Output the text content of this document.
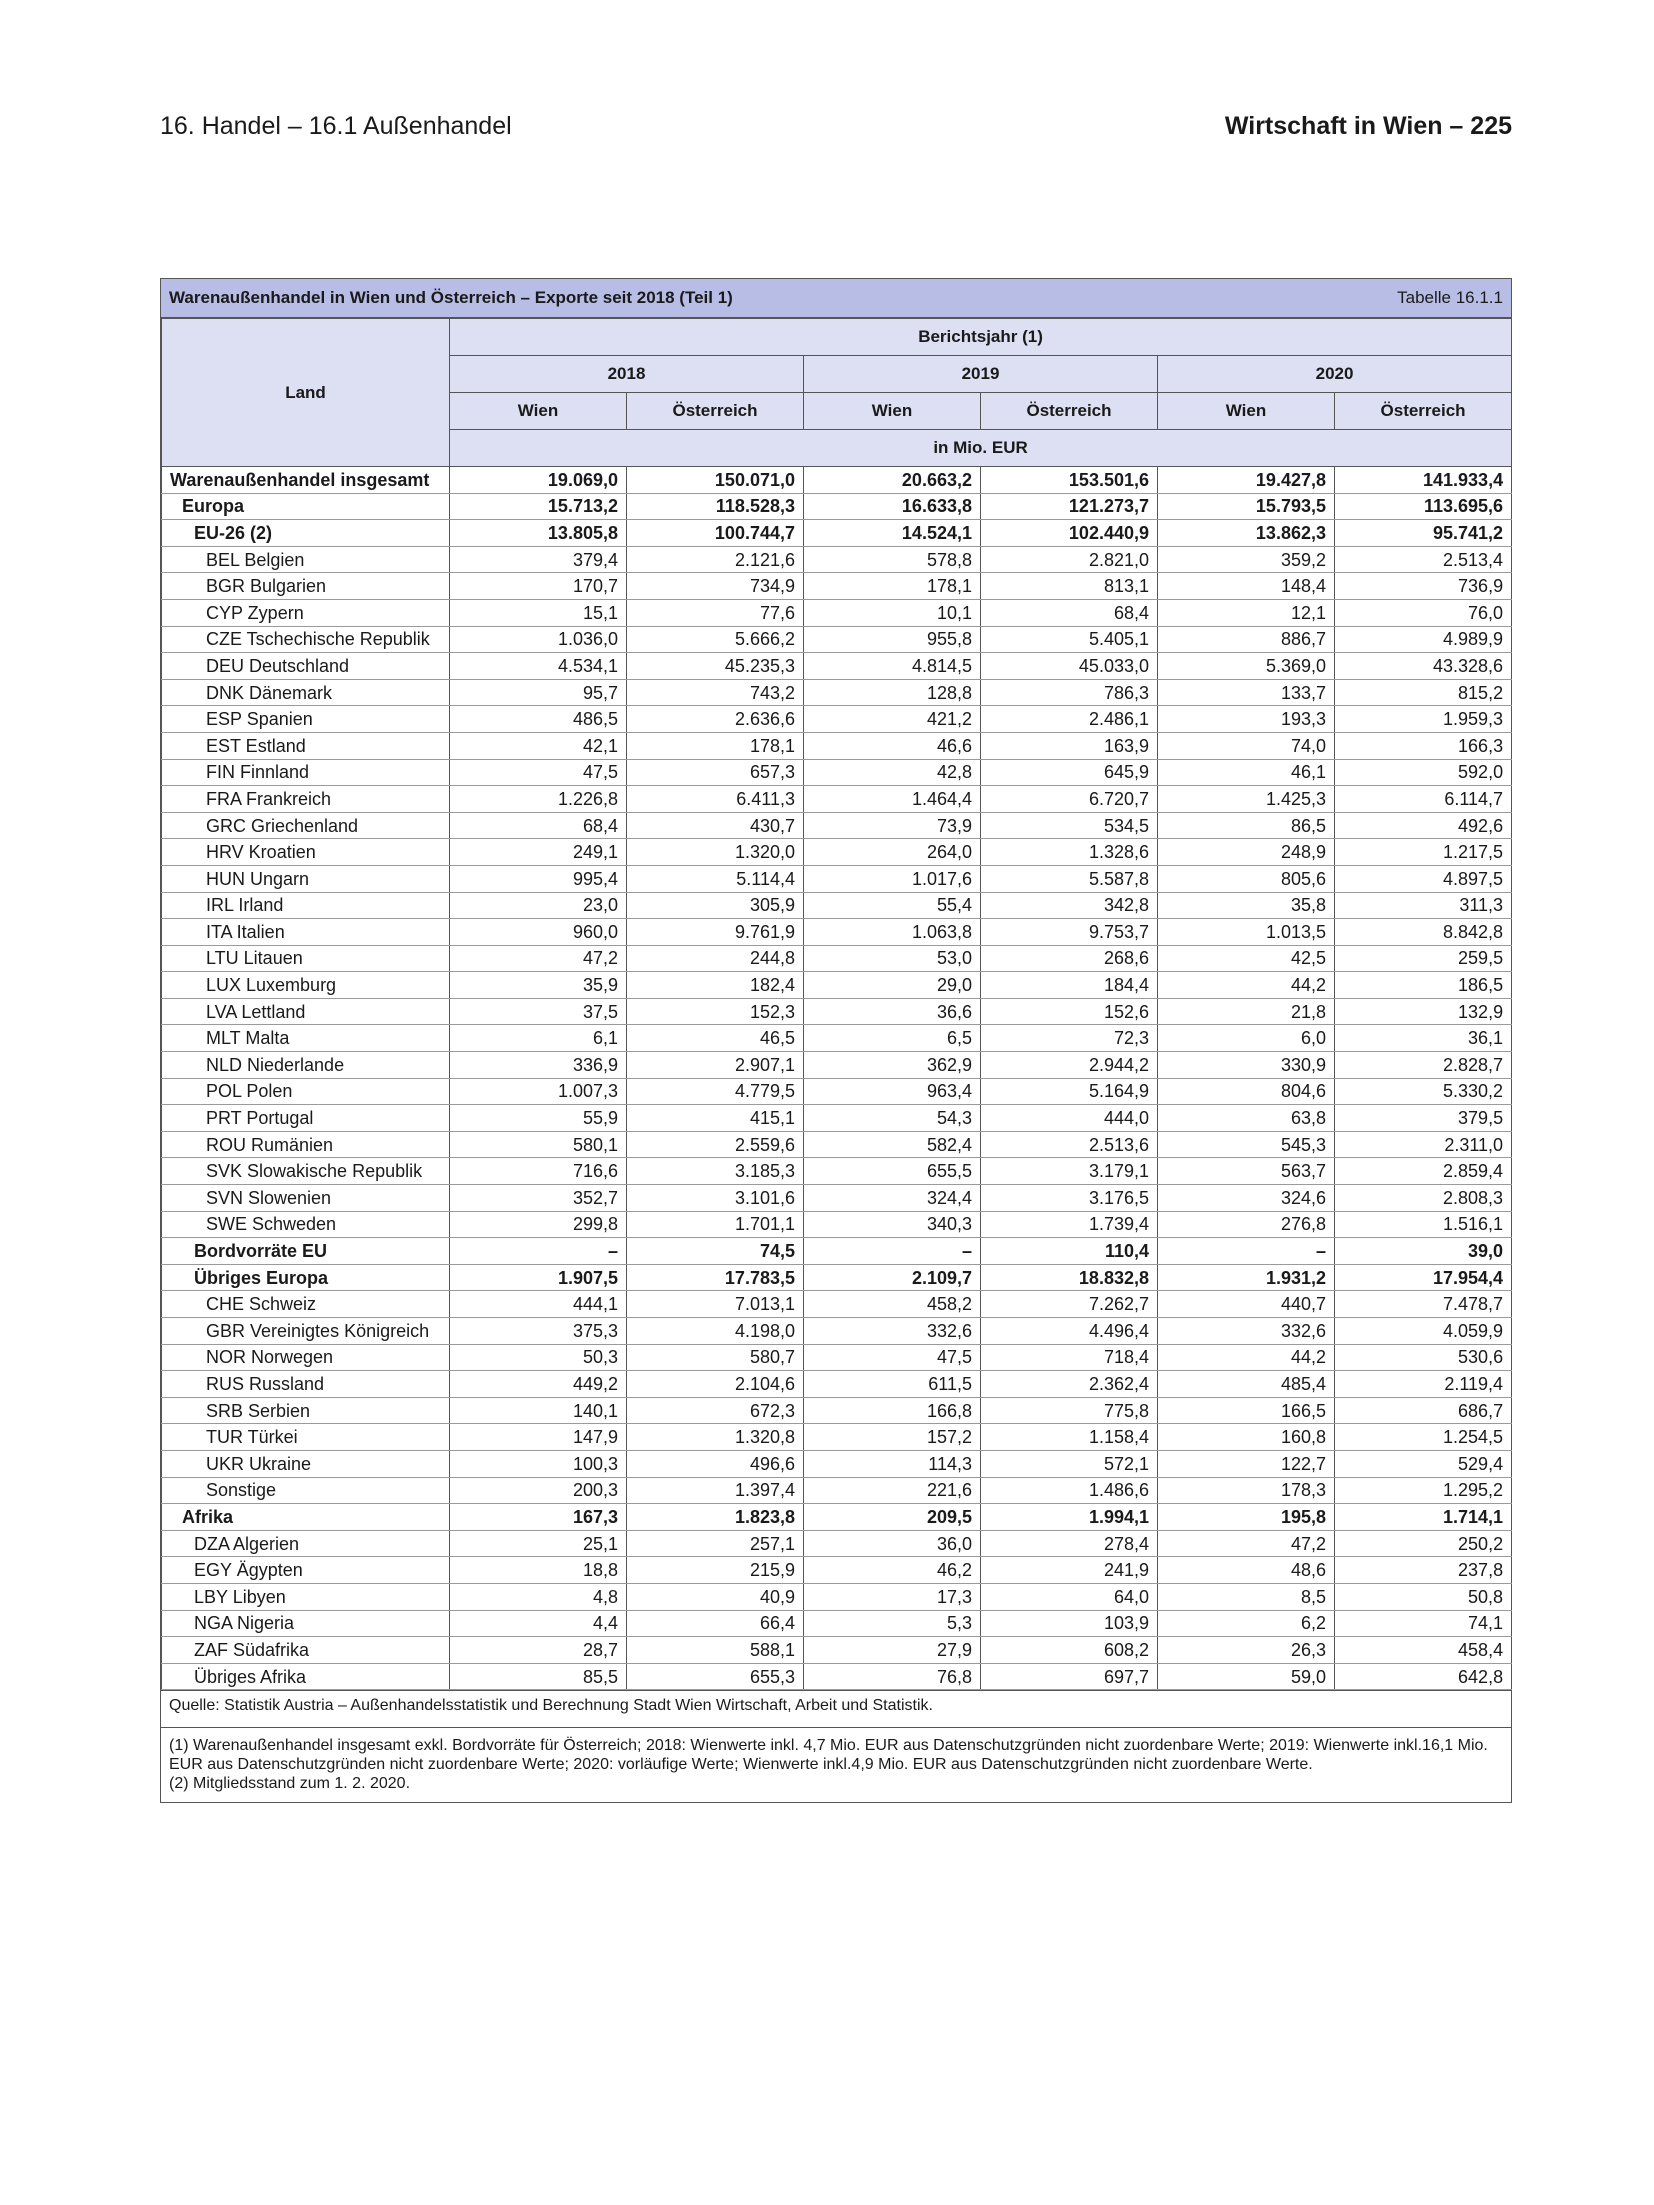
16. Handel – 16.1 Außenhandel	Wirtschaft in Wien – 225
Warenaußenhandel in Wien und Österreich – Exporte seit 2018 (Teil 1)	Tabelle 16.1.1
Land	Berichtsjahr (1)					
	2018		2019		2020	
	Wien	Österreich	Wien	Österreich	Wien	Österreich
	in Mio. EUR					
Warenaußenhandel insgesamt	19.069,0	150.071,0	20.663,2	153.501,6	19.427,8	141.933,4
Europa	15.713,2	118.528,3	16.633,8	121.273,7	15.793,5	113.695,6
EU-26 (2)	13.805,8	100.744,7	14.524,1	102.440,9	13.862,3	95.741,2
BEL Belgien	379,4	2.121,6	578,8	2.821,0	359,2	2.513,4
BGR Bulgarien	170,7	734,9	178,1	813,1	148,4	736,9
CYP Zypern	15,1	77,6	10,1	68,4	12,1	76,0
CZE Tschechische Republik	1.036,0	5.666,2	955,8	5.405,1	886,7	4.989,9
DEU Deutschland	4.534,1	45.235,3	4.814,5	45.033,0	5.369,0	43.328,6
DNK Dänemark	95,7	743,2	128,8	786,3	133,7	815,2
ESP Spanien	486,5	2.636,6	421,2	2.486,1	193,3	1.959,3
EST Estland	42,1	178,1	46,6	163,9	74,0	166,3
FIN Finnland	47,5	657,3	42,8	645,9	46,1	592,0
FRA Frankreich	1.226,8	6.411,3	1.464,4	6.720,7	1.425,3	6.114,7
GRC Griechenland	68,4	430,7	73,9	534,5	86,5	492,6
HRV Kroatien	249,1	1.320,0	264,0	1.328,6	248,9	1.217,5
HUN Ungarn	995,4	5.114,4	1.017,6	5.587,8	805,6	4.897,5
IRL Irland	23,0	305,9	55,4	342,8	35,8	311,3
ITA Italien	960,0	9.761,9	1.063,8	9.753,7	1.013,5	8.842,8
LTU Litauen	47,2	244,8	53,0	268,6	42,5	259,5
LUX Luxemburg	35,9	182,4	29,0	184,4	44,2	186,5
LVA Lettland	37,5	152,3	36,6	152,6	21,8	132,9
MLT Malta	6,1	46,5	6,5	72,3	6,0	36,1
NLD Niederlande	336,9	2.907,1	362,9	2.944,2	330,9	2.828,7
POL Polen	1.007,3	4.779,5	963,4	5.164,9	804,6	5.330,2
PRT Portugal	55,9	415,1	54,3	444,0	63,8	379,5
ROU Rumänien	580,1	2.559,6	582,4	2.513,6	545,3	2.311,0
SVK Slowakische Republik	716,6	3.185,3	655,5	3.179,1	563,7	2.859,4
SVN Slowenien	352,7	3.101,6	324,4	3.176,5	324,6	2.808,3
SWE Schweden	299,8	1.701,1	340,3	1.739,4	276,8	1.516,1
Bordvorräte EU	–	74,5	–	110,4	–	39,0
Übriges Europa	1.907,5	17.783,5	2.109,7	18.832,8	1.931,2	17.954,4
CHE Schweiz	444,1	7.013,1	458,2	7.262,7	440,7	7.478,7
GBR Vereinigtes Königreich	375,3	4.198,0	332,6	4.496,4	332,6	4.059,9
NOR Norwegen	50,3	580,7	47,5	718,4	44,2	530,6
RUS Russland	449,2	2.104,6	611,5	2.362,4	485,4	2.119,4
SRB Serbien	140,1	672,3	166,8	775,8	166,5	686,7
TUR Türkei	147,9	1.320,8	157,2	1.158,4	160,8	1.254,5
UKR Ukraine	100,3	496,6	114,3	572,1	122,7	529,4
Sonstige	200,3	1.397,4	221,6	1.486,6	178,3	1.295,2
Afrika	167,3	1.823,8	209,5	1.994,1	195,8	1.714,1
DZA Algerien	25,1	257,1	36,0	278,4	47,2	250,2
EGY Ägypten	18,8	215,9	46,2	241,9	48,6	237,8
LBY Libyen	4,8	40,9	17,3	64,0	8,5	50,8
NGA Nigeria	4,4	66,4	5,3	103,9	6,2	74,1
ZAF Südafrika	28,7	588,1	27,9	608,2	26,3	458,4
Übriges Afrika	85,5	655,3	76,8	697,7	59,0	642,8
Quelle: Statistik Austria – Außenhandelsstatistik und Berechnung Stadt Wien Wirtschaft, Arbeit und Statistik.
(1) Warenaußenhandel insgesamt exkl. Bordvorräte für Österreich; 2018: Wienwerte inkl. 4,7 Mio. EUR aus Datenschutzgründen nicht zuordenbare Werte; 2019: Wienwerte inkl.16,1 Mio. EUR aus Datenschutzgründen nicht zuordenbare Werte; 2020: vorläufige Werte; Wienwerte inkl.4,9 Mio. EUR aus Datenschutzgründen nicht zuordenbare Werte.
(2) Mitgliedsstand zum 1. 2. 2020.
